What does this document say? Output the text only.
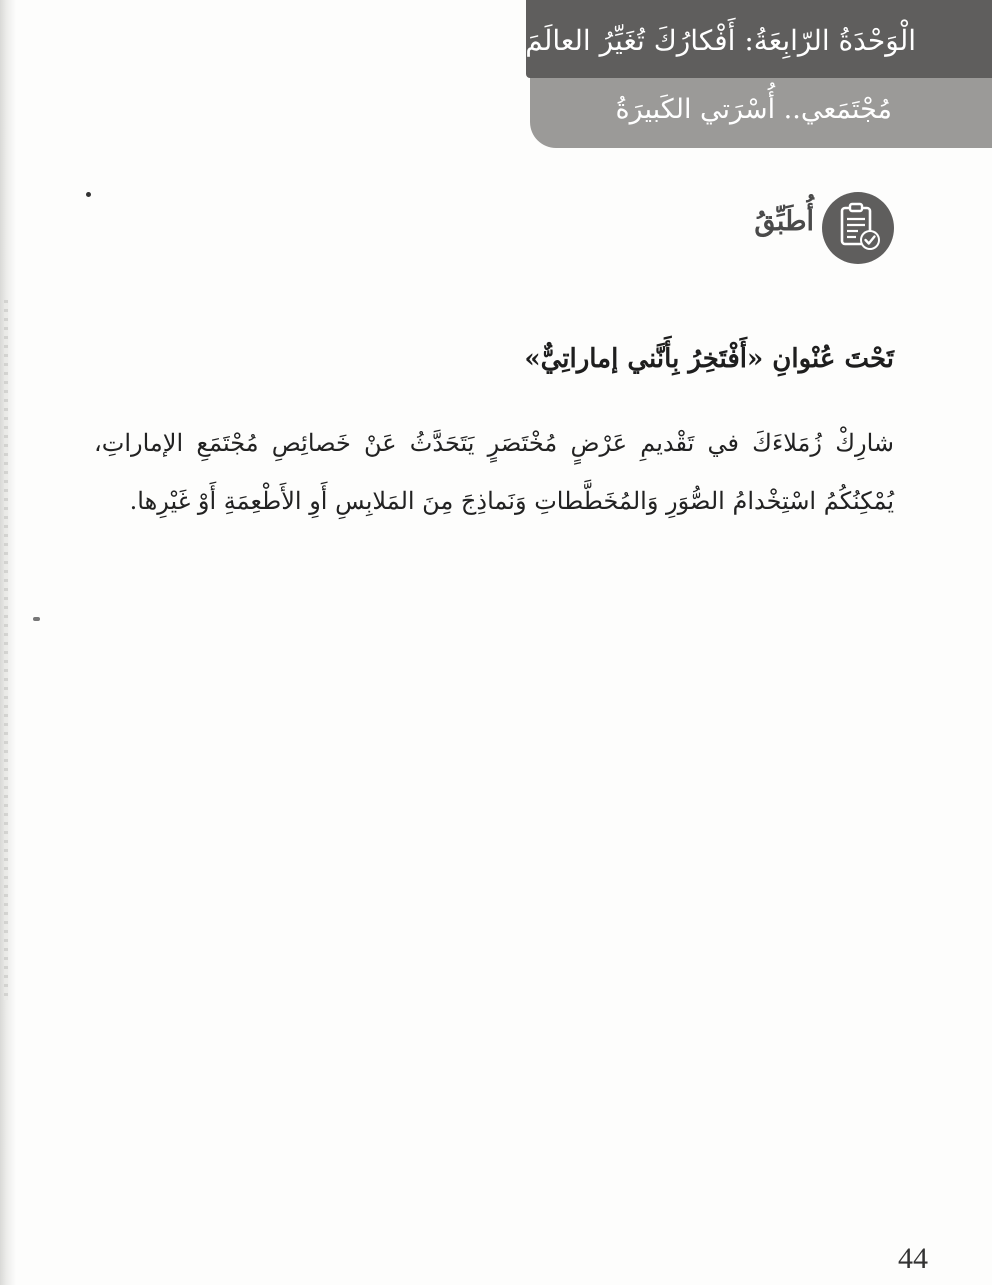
الْوَحْدَةُ الرّابِعَةُ: أَفْكارُكَ تُغَيِّرُ العالَمَ
مُجْتَمَعي.. أُسْرَتي الكَبيرَةُ
أُطَبِّقُ
تَحْتَ عُنْوانِ «أَفْتَخِرُ بِأَنَّني إماراتِيٌّ»
شارِكْ زُمَلاءَكَ في تَقْديمِ عَرْضٍ مُخْتَصَرٍ يَتَحَدَّثُ عَنْ خَصائِصِ مُجْتَمَعِ الإماراتِ، يُمْكِنُكُمُ اسْتِخْدامُ الصُّوَرِ وَالمُخَطَّطاتِ وَنَماذِجَ مِنَ المَلابِسِ أَوِ الأَطْعِمَةِ أَوْ غَيْرِها.
44
